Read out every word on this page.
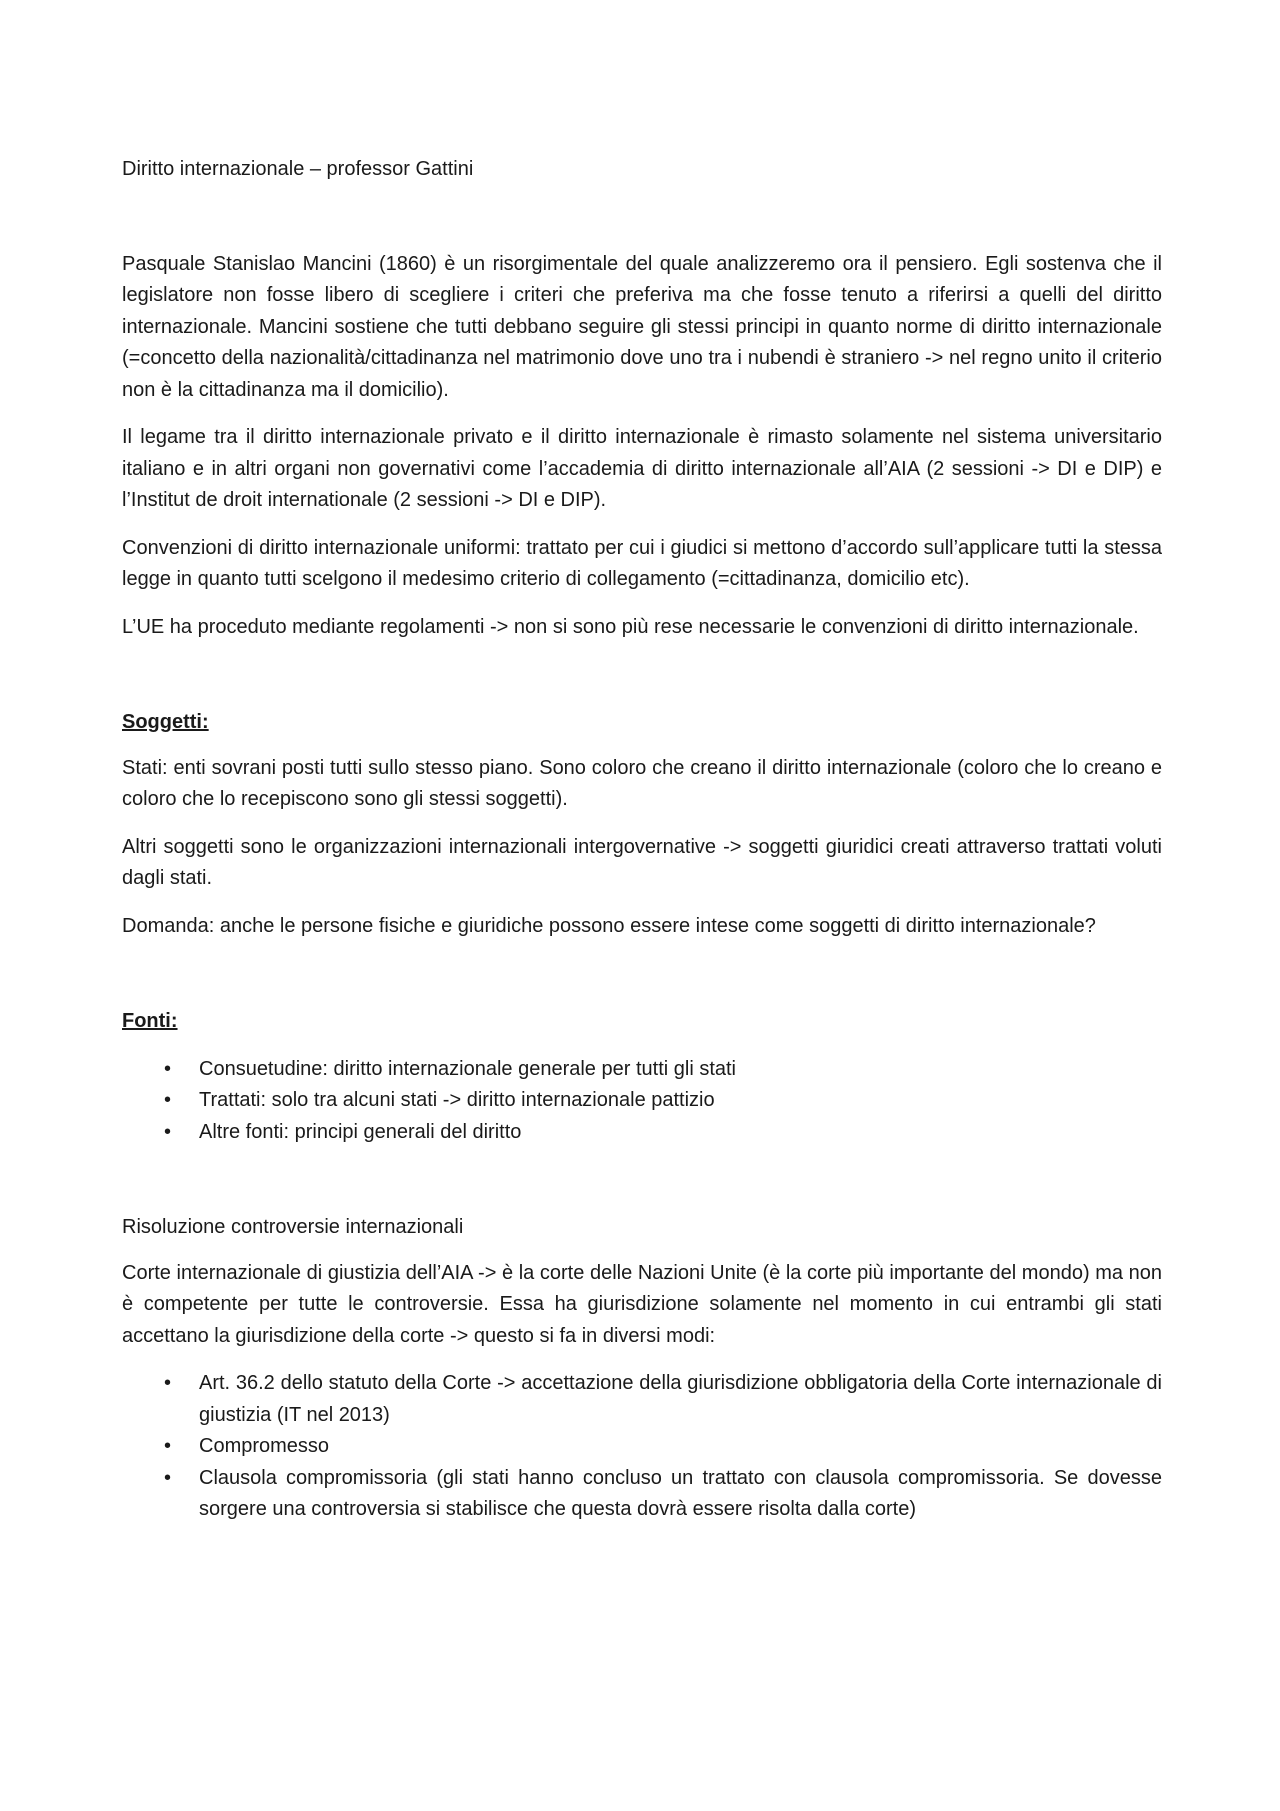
Diritto internazionale – professor Gattini

Pasquale Stanislao Mancini (1860) è un risorgimentale del quale analizzeremo ora il pensiero. Egli sostenva che il legislatore non fosse libero di scegliere i criteri che preferiva ma che fosse tenuto a riferirsi a quelli del diritto internazionale. Mancini sostiene che tutti debbano seguire gli stessi principi in quanto norme di diritto internazionale (=concetto della nazionalità/cittadinanza nel matrimonio dove uno tra i nubendi è straniero -> nel regno unito il criterio non è la cittadinanza ma il domicilio).

Il legame tra il diritto internazionale privato e il diritto internazionale è rimasto solamente nel sistema universitario italiano e in altri organi non governativi come l’accademia di diritto internazionale all’AIA (2 sessioni -> DI e DIP) e l’Institut de droit internationale (2 sessioni -> DI e DIP).

Convenzioni di diritto internazionale uniformi: trattato per cui i giudici si mettono d’accordo sull’applicare tutti la stessa legge in quanto tutti scelgono il medesimo criterio di collegamento (=cittadinanza, domicilio etc).

L’UE ha proceduto mediante regolamenti -> non si sono più rese necessarie le convenzioni di diritto internazionale.

Soggetti:

Stati: enti sovrani posti tutti sullo stesso piano. Sono coloro che creano il diritto internazionale (coloro che lo creano e coloro che lo recepiscono sono gli stessi soggetti).

Altri soggetti sono le organizzazioni internazionali intergovernative -> soggetti giuridici creati attraverso trattati voluti dagli stati.

Domanda: anche le persone fisiche e giuridiche possono essere intese come soggetti di diritto internazionale?

Fonti:
• Consuetudine: diritto internazionale generale per tutti gli stati
• Trattati: solo tra alcuni stati -> diritto internazionale pattizio
• Altre fonti: principi generali del diritto
Risoluzione controversie internazionali

Corte internazionale di giustizia dell’AIA -> è la corte delle Nazioni Unite (è la corte più importante del mondo) ma non è competente per tutte le controversie. Essa ha giurisdizione solamente nel momento in cui entrambi gli stati accettano la giurisdizione della corte -> questo si fa in diversi modi:

• Art. 36.2 dello statuto della Corte -> accettazione della giurisdizione obbligatoria della Corte internazionale di giustizia (IT nel 2013)
• Compromesso
• Clausola compromissoria (gli stati hanno concluso un trattato con clausola compromissoria. Se dovesse sorgere una controversia si stabilisce che questa dovrà essere risolta dalla corte)
